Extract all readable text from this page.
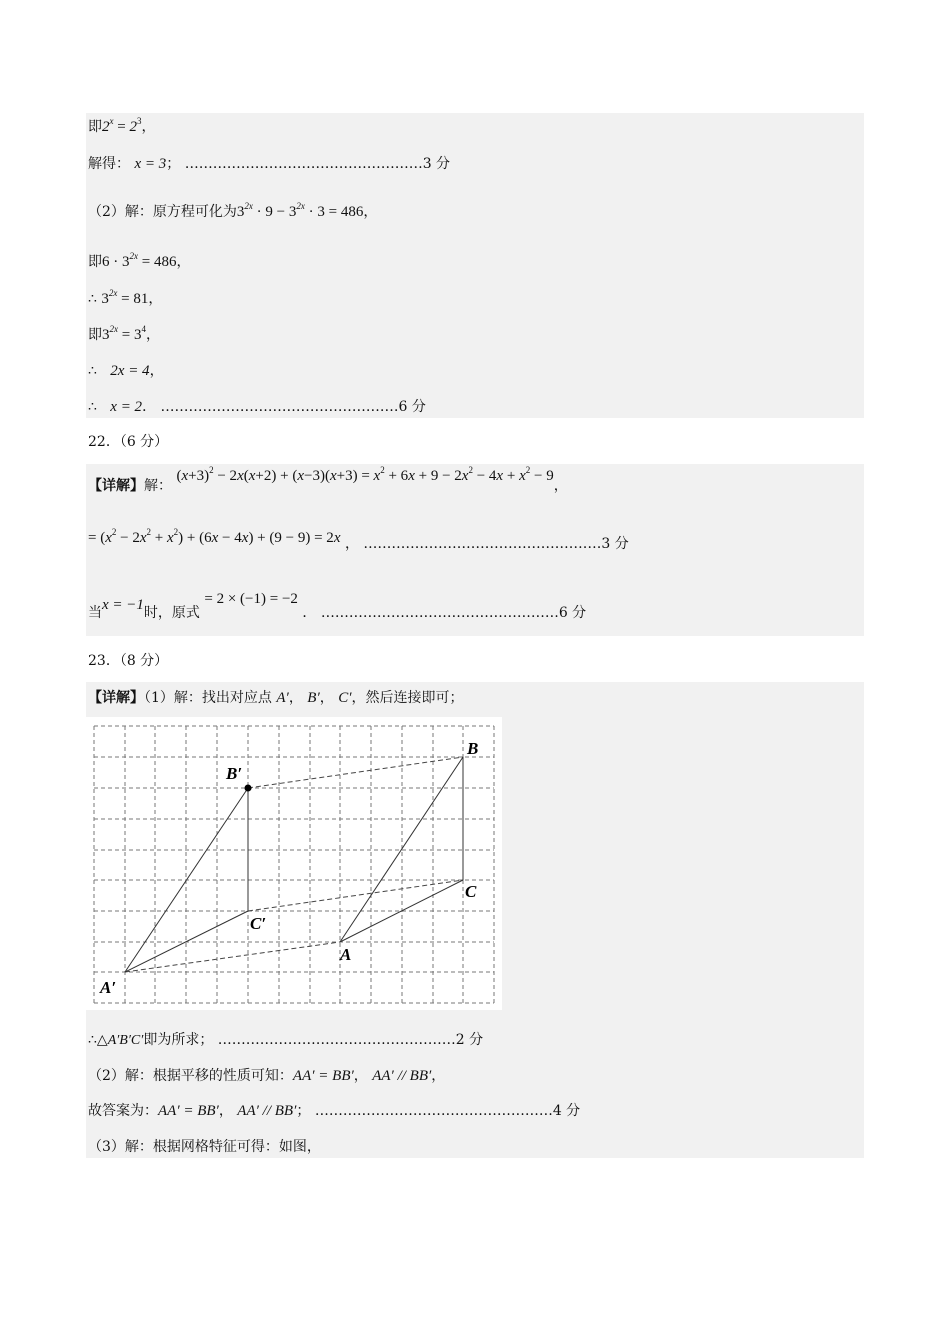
即$2^x = 2^3$，
解得： x = 3； ……………………………………………3 分
（2）解：原方程可化为$3^{2x} \cdot 9 - 3^{2x} \cdot 3 = 486$，
即$6 \cdot 3^{2x} = 486$，
∴ $3^{2x} = 81$，
即$3^{2x} = 3^4$，
∴ 2x = 4，
∴ x = 2． ……………………………………………6 分
22．（6 分）
【详解】解： $(x+3)^2 - 2x(x+2) + (x-3)(x+3) = x^2 + 6x + 9 - 2x^2 - 4x + x^2 - 9$，
= $(x^2 - 2x^2 + x^2) + (6x - 4x) + (9 - 9) = 2x$ ， ……………………………………………3 分
当x = −1时，原式 = 2 × (−1) = −2 ． ……………………………………………6 分
23．（8 分）
【详解】（1）解：找出对应点 A′， B′， C′，然后连接即可；
B
C
A
B′
C′
A′
∴△A′B′C′即为所求； ……………………………………………2 分
（2）解：根据平移的性质可知：AA′ = BB′， AA′ // BB′，
故答案为：AA′ = BB′， AA′ // BB′； ……………………………………………4 分
（3）解：根据网格特征可得：如图，
